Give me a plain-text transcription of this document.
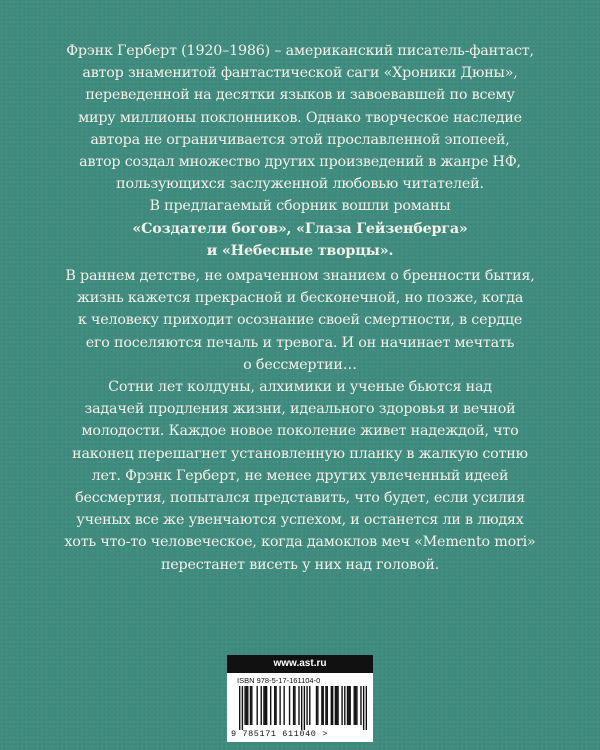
Фрэнк Герберт (1920–1986) – американский писатель-фантаст,

автор знаменитой фантастической саги «Хроники Дюны»,

переведенной на десятки языков и завоевавшей по всему

миру миллионы поклонников. Однако творческое наследие

автора не ограничивается этой прославленной эпопеей,

автор создал множество других произведений в жанре НФ,

пользующихся заслуженной любовью читателей.

В предлагаемый сборник вошли романы

«Создатели богов», «Глаза Гейзенберга»

и «Небесные творцы».

В раннем детстве, не омраченном знанием о бренности бытия,

жизнь кажется прекрасной и бесконечной, но позже, когда

к человеку приходит осознание своей смертности, в сердце

его поселяются печаль и тревога. И он начинает мечтать

о бессмертии…

Сотни лет колдуны, алхимики и ученые бьются над

задачей продления жизни, идеального здоровья и вечной

молодости. Каждое новое поколение живет надеждой, что

наконец перешагнет установленную планку в жалкую сотню

лет. Фрэнк Герберт, не менее других увлеченный идеей

бессмертия, попытался представить, что будет, если усилия

ученых все же увенчаются успехом, и останется ли в людях

хоть что-то человеческое, когда дамоклов меч «Memento mori»

перестанет висеть у них над головой.

www.ast.ru
ISBN 978-5-17-161104-0
9 785171 611040 >
